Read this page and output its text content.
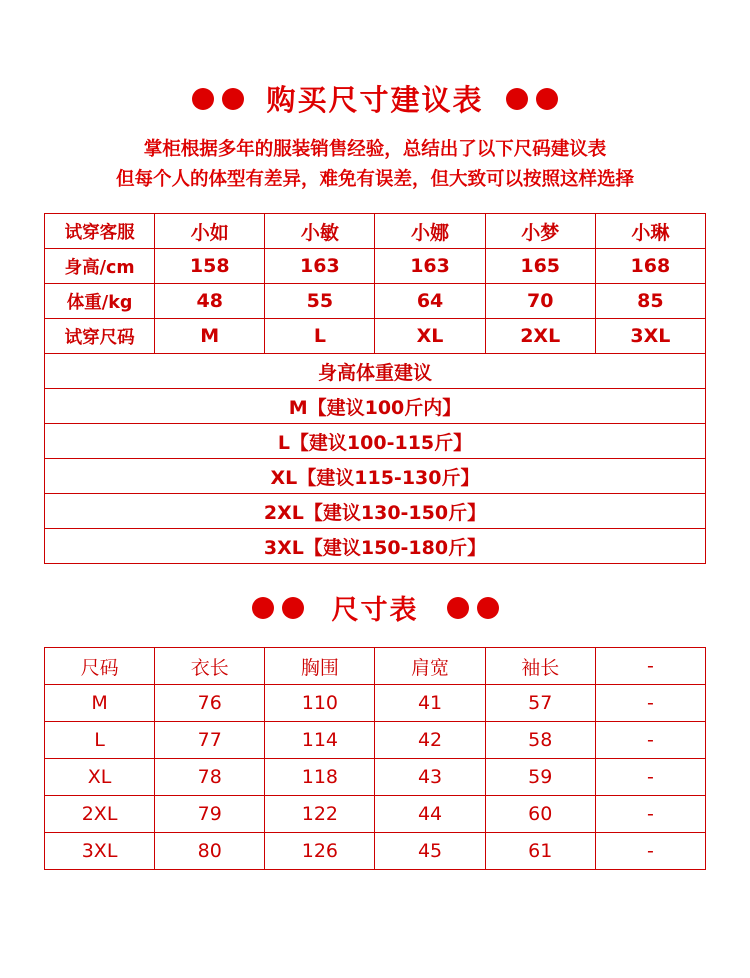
购买尺寸建议表
掌柜根据多年的服装销售经验，总结出了以下尺码建议表
但每个人的体型有差异，难免有误差，但大致可以按照这样选择
试穿客服	小如	小敏	小娜	小梦	小琳
身高/cm	158	163	163	165	168
体重/kg	48	55	64	70	85
试穿尺码	M	L	XL	2XL	3XL
身高体重建议					
M【建议100斤内】					
L【建议100-115斤】					
XL【建议115-130斤】					
2XL【建议130-150斤】					
3XL【建议150-180斤】					
尺寸表
尺码	衣长	胸围	肩宽	袖长	-
M	76	110	41	57	-
L	77	114	42	58	-
XL	78	118	43	59	-
2XL	79	122	44	60	-
3XL	80	126	45	61	-
